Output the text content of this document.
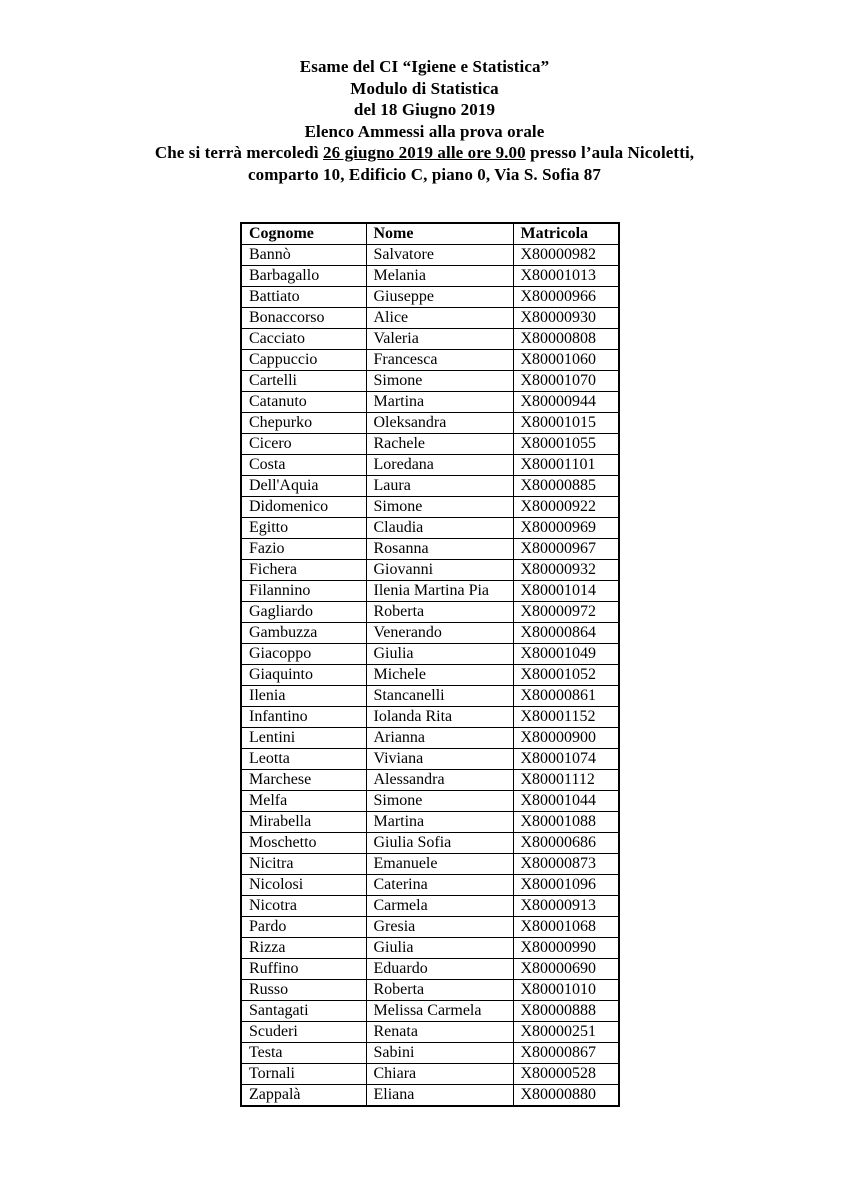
Esame del CI “Igiene e Statistica”
Modulo di Statistica
del 18 Giugno 2019
Elenco Ammessi alla prova orale
Che si terrà mercoledì 26 giugno 2019 alle ore 9.00 presso l’aula Nicoletti,
comparto 10, Edificio C, piano 0, Via S. Sofia 87
Cognome	Nome	Matricola
Bannò	Salvatore	X80000982
Barbagallo	Melania	X80001013
Battiato	Giuseppe	X80000966
Bonaccorso	Alice	X80000930
Cacciato	Valeria	X80000808
Cappuccio	Francesca	X80001060
Cartelli	Simone	X80001070
Catanuto	Martina	X80000944
Chepurko	Oleksandra	X80001015
Cicero	Rachele	X80001055
Costa	Loredana	X80001101
Dell'Aquia	Laura	X80000885
Didomenico	Simone	X80000922
Egitto	Claudia	X80000969
Fazio	Rosanna	X80000967
Fichera	Giovanni	X80000932
Filannino	Ilenia Martina Pia	X80001014
Gagliardo	Roberta	X80000972
Gambuzza	Venerando	X80000864
Giacoppo	Giulia	X80001049
Giaquinto	Michele	X80001052
Ilenia	Stancanelli	X80000861
Infantino	Iolanda Rita	X80001152
Lentini	Arianna	X80000900
Leotta	Viviana	X80001074
Marchese	Alessandra	X80001112
Melfa	Simone	X80001044
Mirabella	Martina	X80001088
Moschetto	Giulia Sofia	X80000686
Nicitra	Emanuele	X80000873
Nicolosi	Caterina	X80001096
Nicotra	Carmela	X80000913
Pardo	Gresia	X80001068
Rizza	Giulia	X80000990
Ruffino	Eduardo	X80000690
Russo	Roberta	X80001010
Santagati	Melissa Carmela	X80000888
Scuderi	Renata	X80000251
Testa	Sabini	X80000867
Tornali	Chiara	X80000528
Zappalà	Eliana	X80000880
